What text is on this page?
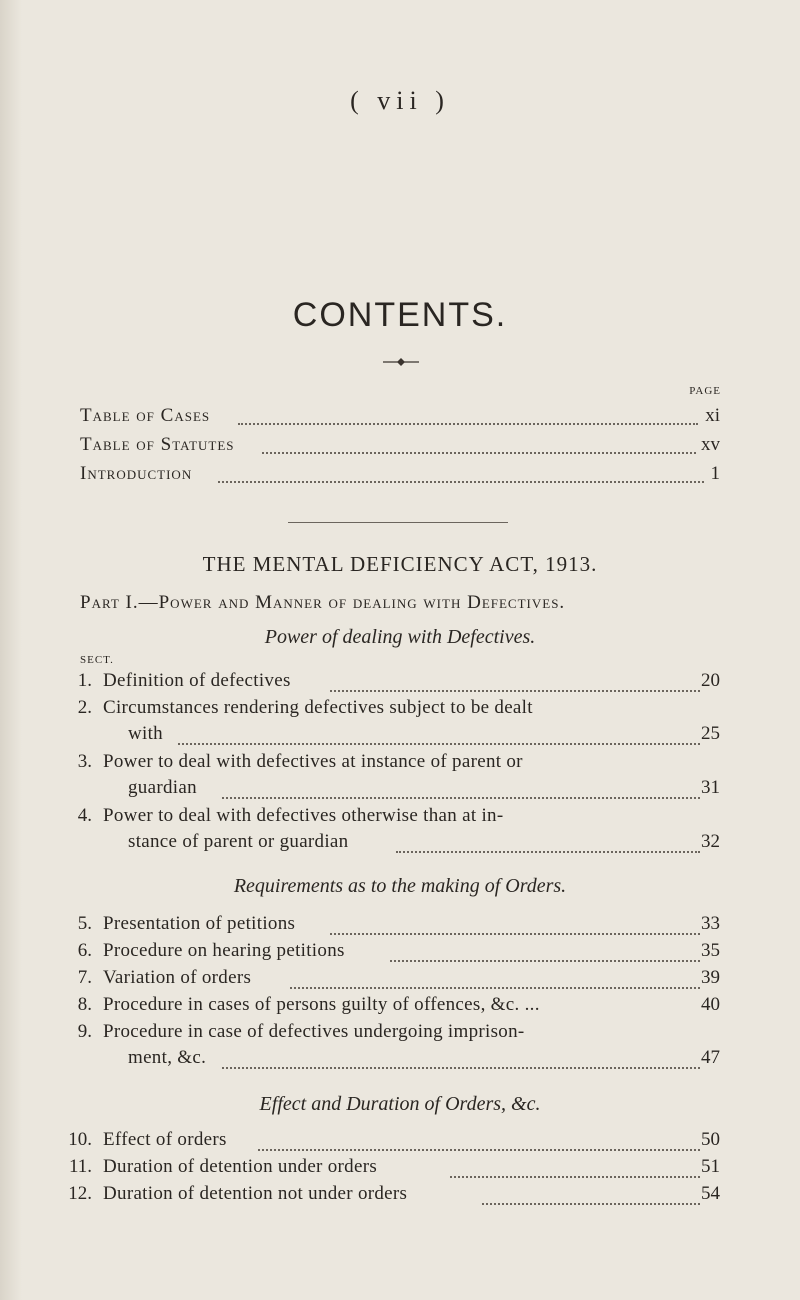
( vii )
CONTENTS.
PAGE
Table of Cases	xi
Table of Statutes	xv
Introduction	1
THE MENTAL DEFICIENCY ACT, 1913.
Part I.—Power and Manner of dealing with Defectives.
Power of dealing with Defectives.
SECT.
1. Definition of defectives	20
2. Circumstances rendering defectives subject to be dealt
with	25
3. Power to deal with defectives at instance of parent or
guardian	31
4. Power to deal with defectives otherwise than at in-
stance of parent or guardian	32
Requirements as to the making of Orders.
5. Presentation of petitions	33
6. Procedure on hearing petitions	35
7. Variation of orders	39
8. Procedure in cases of persons guilty of offences, &c. ...	40
9. Procedure in case of defectives undergoing imprison-
ment, &c.	47
Effect and Duration of Orders, &c.
10. Effect of orders	50
11. Duration of detention under orders	51
12. Duration of detention not under orders	54
